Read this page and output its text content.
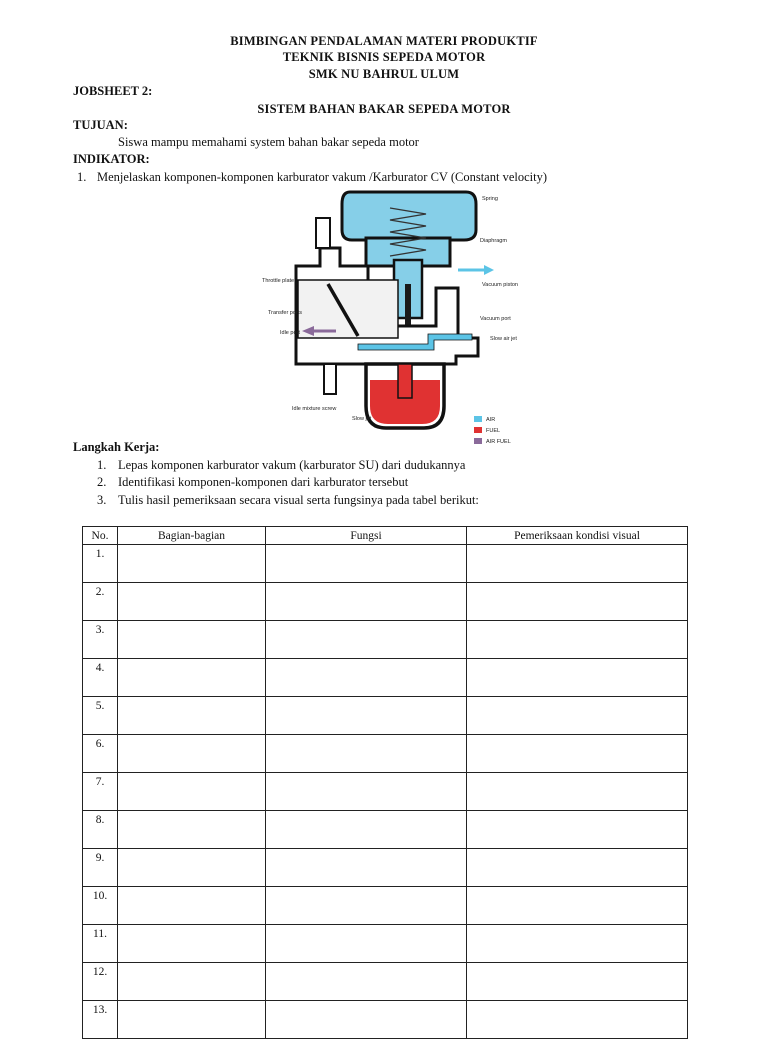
BIMBINGAN PENDALAMAN MATERI PRODUKTIF
TEKNIK BISNIS SEPEDA MOTOR
SMK NU BAHRUL ULUM
JOBSHEET 2:
SISTEM BAHAN BAKAR SEPEDA MOTOR
TUJUAN:
Siswa mampu memahami system bahan bakar sepeda motor
INDIKATOR:
1. Menjelaskan komponen-komponen karburator vakum /Karburator CV (Constant velocity)
Spring
Diaphragm
Vacuum piston
Vacuum port
Slow air jet
Throttle plate
Transfer ports
Idle port
Idle mixture screw
Slow jet	AIR
FUEL
AIR FUEL
Langkah Kerja:
1. Lepas komponen karburator vakum (karburator SU) dari dudukannya
2. Identifikasi komponen-komponen dari karburator tersebut
3. Tulis hasil pemeriksaan secara visual serta fungsinya pada tabel berikut:
No.	Bagian-bagian	Fungsi	Pemeriksaan kondisi visual
1.			
2.			
3.			
4.			
5.			
6.			
7.			
8.			
9.			
10.			
11.			
12.			
13.			
